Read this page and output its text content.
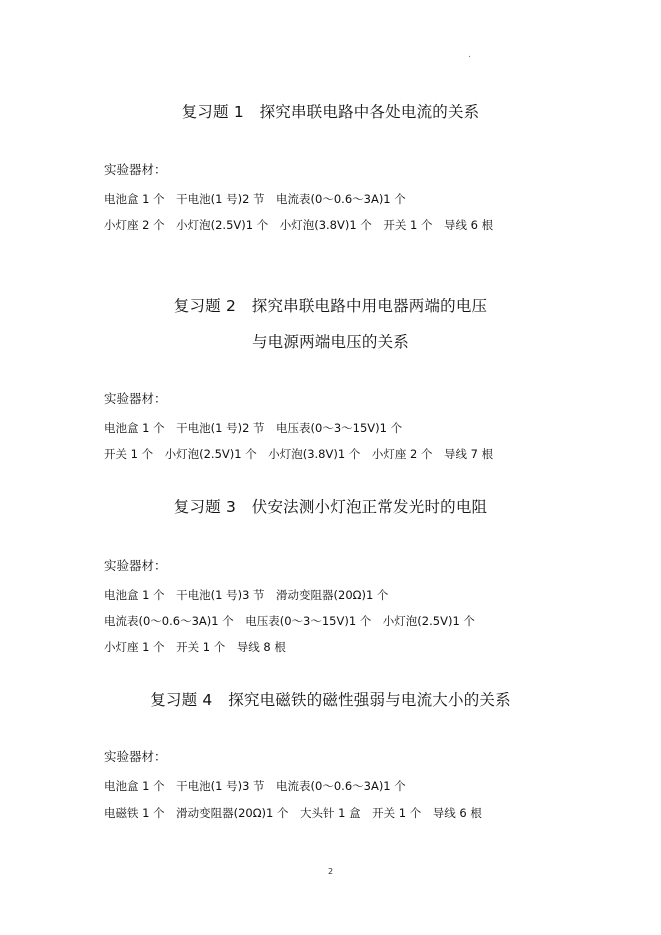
.
复习题 1　探究串联电路中各处电流的关系
实验器材：
电池盒 1 个　干电池(1 号)2 节　电流表(0～0.6～3A)1 个
小灯座 2 个　小灯泡(2.5V)1 个　小灯泡(3.8V)1 个　开关 1 个　导线 6 根
复习题 2　探究串联电路中用电器两端的电压
与电源两端电压的关系
实验器材：
电池盒 1 个　干电池(1 号)2 节　电压表(0～3～15V)1 个
开关 1 个　小灯泡(2.5V)1 个　小灯泡(3.8V)1 个　小灯座 2 个　导线 7 根
复习题 3　伏安法测小灯泡正常发光时的电阻
实验器材：
电池盒 1 个　干电池(1 号)3 节　滑动变阻器(20Ω)1 个
电流表(0～0.6～3A)1 个　电压表(0～3～15V)1 个　小灯泡(2.5V)1 个
小灯座 1 个　开关 1 个　导线 8 根
复习题 4　探究电磁铁的磁性强弱与电流大小的关系
实验器材：
电池盒 1 个　干电池(1 号)3 节　电流表(0～0.6～3A)1 个
电磁铁 1 个　滑动变阻器(20Ω)1 个　大头针 1 盒　开关 1 个　导线 6 根
2
